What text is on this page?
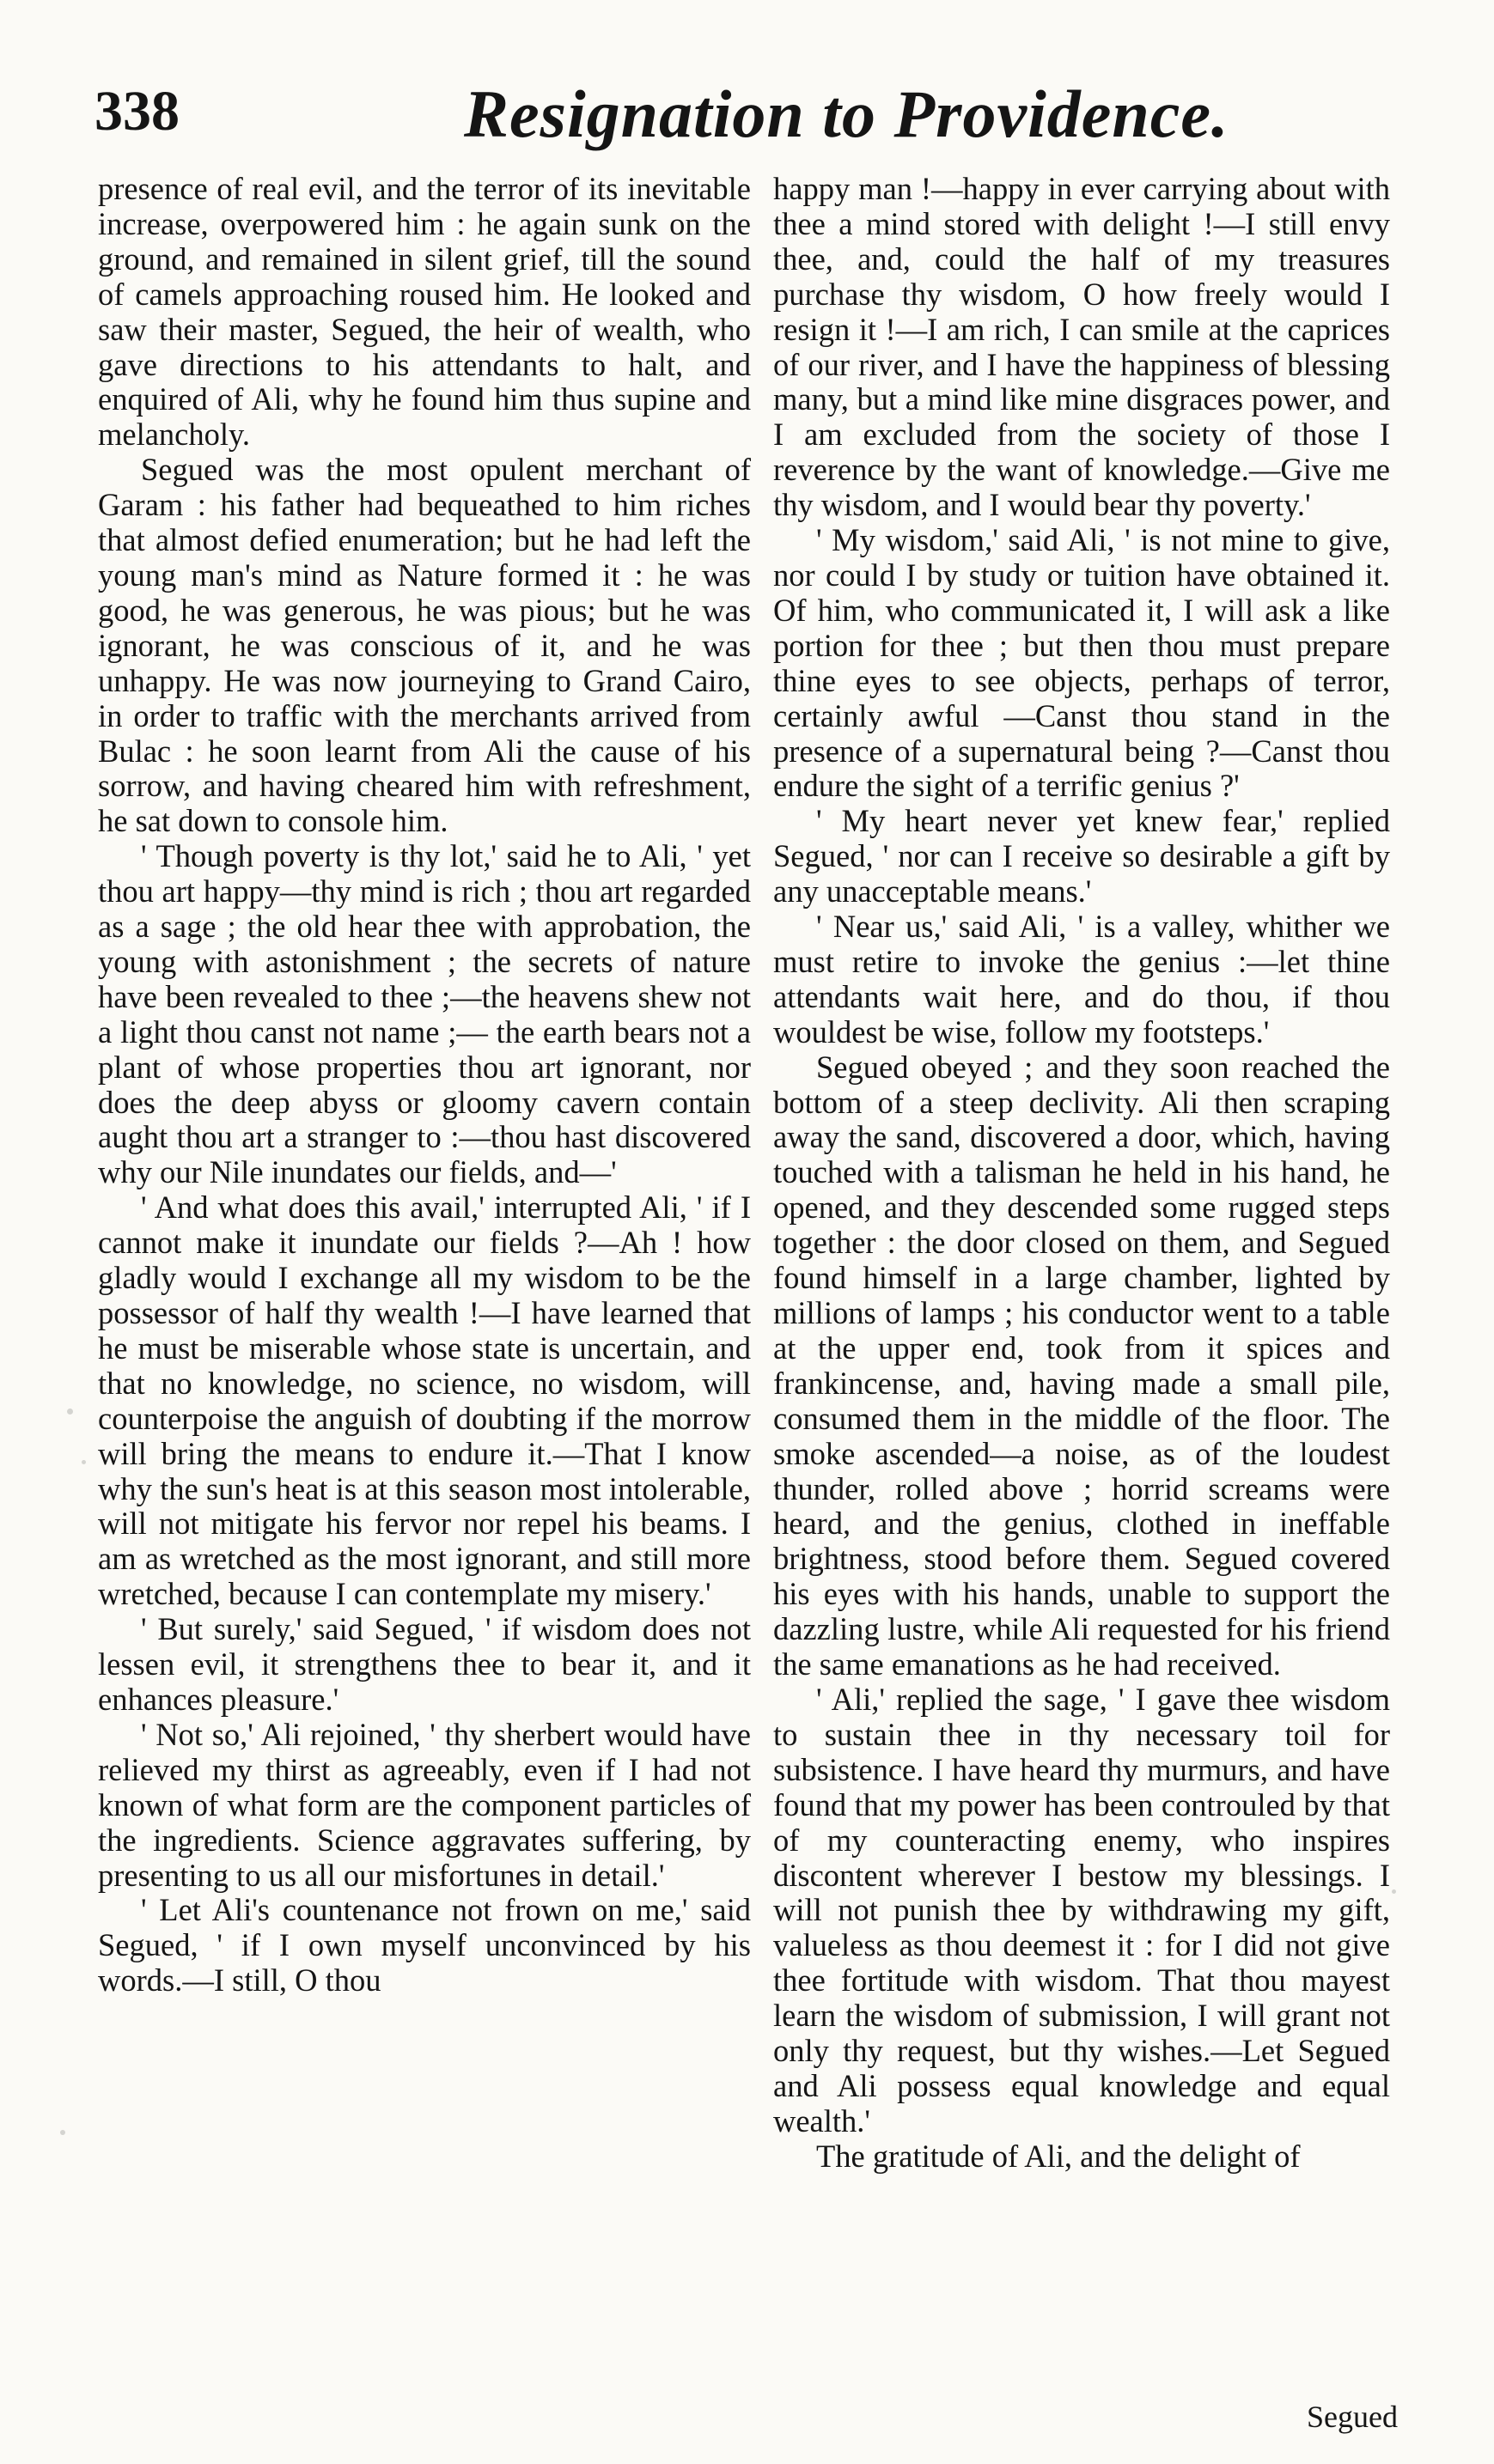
338	Resignation to Providence.

presence of real evil, and the terror of its inevitable increase, overpowered him : he again sunk on the ground, and remained in silent grief, till the sound of camels approaching roused him. He looked and saw their master, Segued, the heir of wealth, who gave directions to his attendants to halt, and enquired of Ali, why he found him thus supine and melancholy.

Segued was the most opulent merchant of Garam : his father had bequeathed to him riches that almost defied enumeration; but he had left the young man's mind as Nature formed it : he was good, he was generous, he was pious; but he was ignorant, he was conscious of it, and he was unhappy. He was now journeying to Grand Cairo, in order to traffic with the merchants arrived from Bulac : he soon learnt from Ali the cause of his sorrow, and having cheared him with refreshment, he sat down to console him.

' Though poverty is thy lot,' said he to Ali, ' yet thou art happy—thy mind is rich ; thou art regarded as a sage ; the old hear thee with approbation, the young with astonishment ; the secrets of nature have been revealed to thee ;—the heavens shew not a light thou canst not name ;— the earth bears not a plant of whose properties thou art ignorant, nor does the deep abyss or gloomy cavern contain aught thou art a stranger to :—thou hast discovered why our Nile inundates our fields, and—'

' And what does this avail,' interrupted Ali, ' if I cannot make it inundate our fields ?—Ah ! how gladly would I exchange all my wisdom to be the possessor of half thy wealth !—I have learned that he must be miserable whose state is uncertain, and that no knowledge, no science, no wisdom, will counterpoise the anguish of doubting if the morrow will bring the means to endure it.—That I know why the sun's heat is at this season most intolerable, will not mitigate his fervor nor repel his beams. I am as wretched as the most ignorant, and still more wretched, because I can contemplate my misery.'

' But surely,' said Segued, ' if wisdom does not lessen evil, it strengthens thee to bear it, and it enhances pleasure.'

' Not so,' Ali rejoined, ' thy sherbert would have relieved my thirst as agreeably, even if I had not known of what form are the component particles of the ingredients. Science aggravates suffering, by presenting to us all our misfortunes in detail.'

' Let Ali's countenance not frown on me,' said Segued, ' if I own myself unconvinced by his words.—I still, O thou

happy man !—happy in ever carrying about with thee a mind stored with delight !—I still envy thee, and, could the half of my treasures purchase thy wisdom, O how freely would I resign it !—I am rich, I can smile at the caprices of our river, and I have the happiness of blessing many, but a mind like mine disgraces power, and I am excluded from the society of those I reverence by the want of knowledge.—Give me thy wisdom, and I would bear thy poverty.'

' My wisdom,' said Ali, ' is not mine to give, nor could I by study or tuition have obtained it. Of him, who communicated it, I will ask a like portion for thee ; but then thou must prepare thine eyes to see objects, perhaps of terror, certainly awful —Canst thou stand in the presence of a supernatural being ?—Canst thou endure the sight of a terrific genius ?'

' My heart never yet knew fear,' replied Segued, ' nor can I receive so desirable a gift by any unacceptable means.'

' Near us,' said Ali, ' is a valley, whither we must retire to invoke the genius :—let thine attendants wait here, and do thou, if thou wouldest be wise, follow my footsteps.'

Segued obeyed ; and they soon reached the bottom of a steep declivity. Ali then scraping away the sand, discovered a door, which, having touched with a talisman he held in his hand, he opened, and they descended some rugged steps together : the door closed on them, and Segued found himself in a large chamber, lighted by millions of lamps ; his conductor went to a table at the upper end, took from it spices and frankincense, and, having made a small pile, consumed them in the middle of the floor. The smoke ascended—a noise, as of the loudest thunder, rolled above ; horrid screams were heard, and the genius, clothed in ineffable brightness, stood before them. Segued covered his eyes with his hands, unable to support the dazzling lustre, while Ali requested for his friend the same emanations as he had received.

' Ali,' replied the sage, ' I gave thee wisdom to sustain thee in thy necessary toil for subsistence. I have heard thy murmurs, and have found that my power has been controuled by that of my counteracting enemy, who inspires discontent wherever I bestow my blessings. I will not punish thee by withdrawing my gift, valueless as thou deemest it : for I did not give thee fortitude with wisdom. That thou mayest learn the wisdom of submission, I will grant not only thy request, but thy wishes.—Let Segued and Ali possess equal knowledge and equal wealth.'

The gratitude of Ali, and the delight of

Segued
